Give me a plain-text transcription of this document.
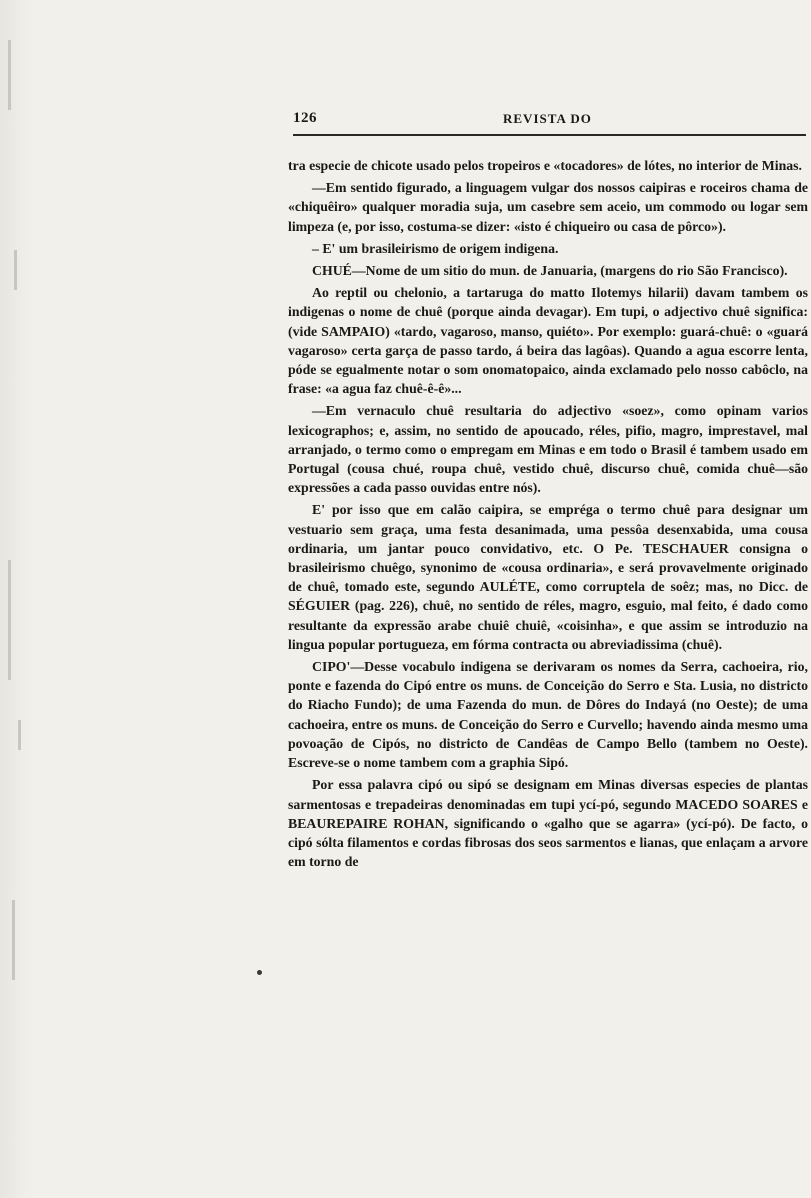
126	REVISTA DO

tra especie de chicote usado pelos tropeiros e «tocadores» de lótes, no interior de Minas.

—Em sentido figurado, a linguagem vulgar dos nossos caipiras e roceiros chama de «chiquêiro» qualquer moradia suja, um casebre sem aceio, um commodo ou logar sem limpeza (e, por isso, costuma-se dizer: «isto é chiqueiro ou casa de pôrco»).

– E' um brasileirismo de origem indigena.

CHUÉ—Nome de um sitio do mun. de Januaria, (margens do rio São Francisco).

Ao reptil ou chelonio, a tartaruga do matto Ilotemys hilarii) davam tambem os indigenas o nome de chuê (porque ainda devagar). Em tupi, o adjectivo chuê significa: (vide SAMPAIO) «tardo, vagaroso, manso, quiéto». Por exemplo: guará-chuê: o «guará vagaroso» certa garça de passo tardo, á beira das lagôas). Quando a agua escorre lenta, póde se egualmente notar o som onomatopaico, ainda exclamado pelo nosso cabôclo, na frase: «a agua faz chuê-ê-ê»...

—Em vernaculo chuê resultaria do adjectivo «soez», como opinam varios lexicographos; e, assim, no sentido de apoucado, réles, pifio, magro, imprestavel, mal arranjado, o termo como o empregam em Minas e em todo o Brasil é tambem usado em Portugal (cousa chué, roupa chuê, vestido chuê, discurso chuê, comida chuê—são expressões a cada passo ouvidas entre nós).

E' por isso que em calão caipira, se empréga o termo chuê para designar um vestuario sem graça, uma festa desanimada, uma pessôa desenxabida, uma cousa ordinaria, um jantar pouco convidativo, etc. O Pe. TESCHAUER consigna o brasileirismo chuêgo, synonimo de «cousa ordinaria», e será provavelmente originado de chuê, tomado este, segundo AULÉTE, como corruptela de soêz; mas, no Dicc. de SÉGUIER (pag. 226), chuê, no sentido de réles, magro, esguio, mal feito, é dado como resultante da expressão arabe chuiê chuiê, «coisinha», e que assim se introduzio na lingua popular portugueza, em fórma contracta ou abreviadissima (chuê).

CIPO'—Desse vocabulo indigena se derivaram os nomes da Serra, cachoeira, rio, ponte e fazenda do Cipó entre os muns. de Conceição do Serro e Sta. Lusia, no districto do Riacho Fundo); de uma Fazenda do mun. de Dôres do Indayá (no Oeste); de uma cachoeira, entre os muns. de Conceição do Serro e Curvello; havendo ainda mesmo uma povoação de Cipós, no districto de Candêas de Campo Bello (tambem no Oeste). Escreve-se o nome tambem com a graphia Sipó.

Por essa palavra cipó ou sipó se designam em Minas diversas especies de plantas sarmentosas e trepadeiras denominadas em tupi ycí-pó, segundo MACEDO SOARES e BEAUREPAIRE ROHAN, significando o «galho que se agarra» (ycí-pó). De facto, o cipó sólta filamentos e cordas fibrosas dos seos sarmentos e lianas, que enlaçam a arvore em torno de
